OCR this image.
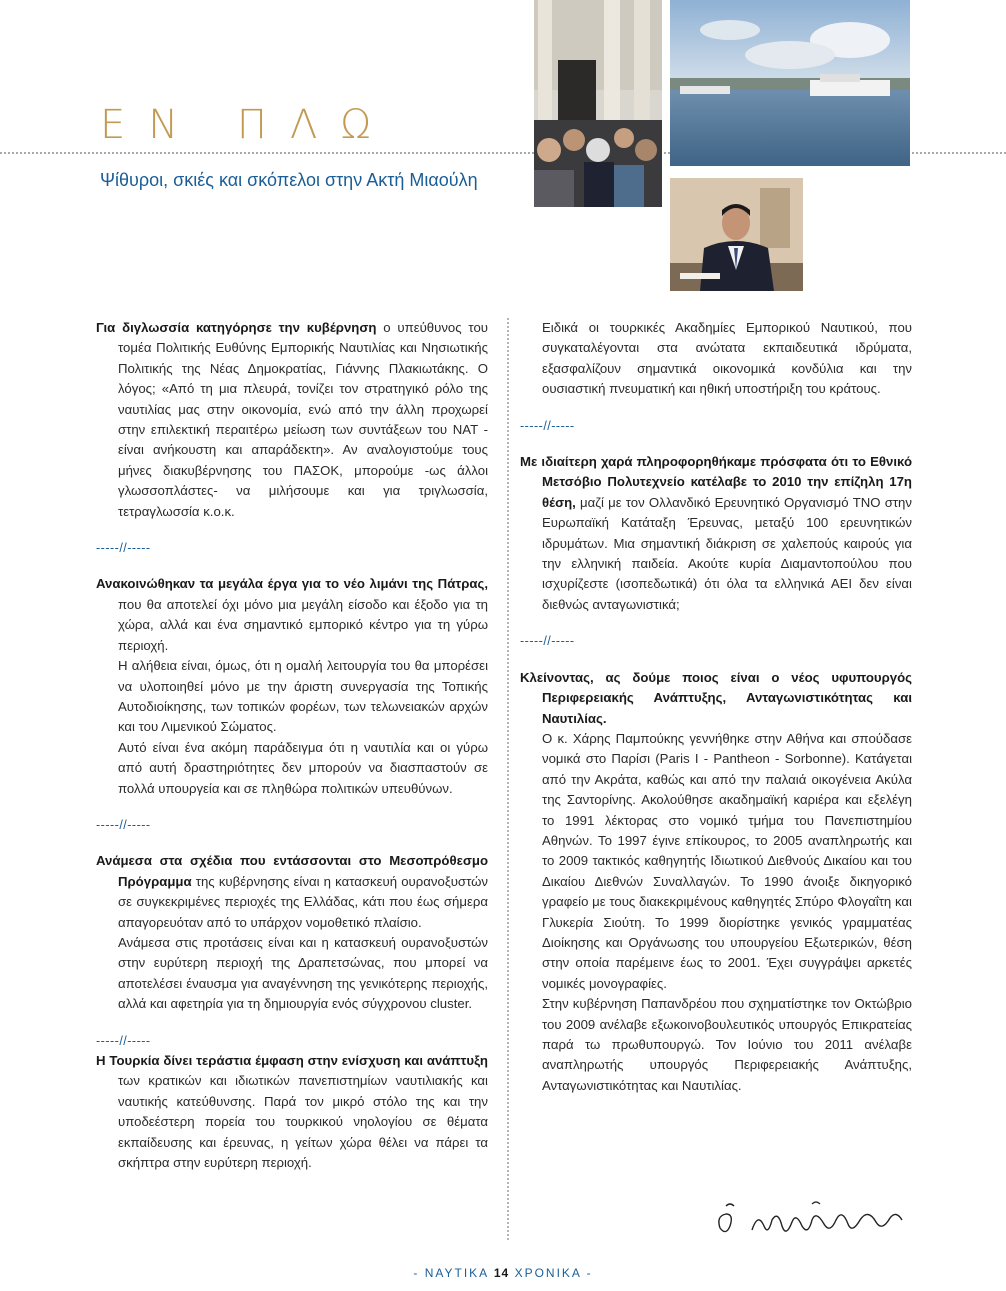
ΕΝ ΠΛΩ
Ψίθυροι, σκιές και σκόπελοι στην Ακτή Μιαούλη

Για διγλωσσία κατηγόρησε την κυβέρνηση ο υπεύθυνος του τομέα Πολιτικής Ευθύνης Εμπορικής Ναυτιλίας και Νησιωτικής Πολιτικής της Νέας Δημοκρατίας, Γιάννης Πλακιωτάκης. Ο λόγος; «Από τη μια πλευρά, τονίζει τον στρατηγικό ρόλο της ναυτιλίας μας στην οικονομία, ενώ από την άλλη προχωρεί στην επιλεκτική περαιτέρω μείωση των συντάξεων του ΝΑΤ - είναι ανήκουστη και απαράδεκτη». Αν αναλογιστούμε τους μήνες διακυβέρνησης του ΠΑΣΟΚ, μπορούμε -ως άλλοι γλωσσοπλάστες- να μιλήσουμε και για τριγλωσσία, τετραγλωσσία κ.ο.κ.

-----//-----

Ανακοινώθηκαν τα μεγάλα έργα για το νέο λιμάνι της Πάτρας, που θα αποτελεί όχι μόνο μια μεγάλη είσοδο και έξοδο για τη χώρα, αλλά και ένα σημαντικό εμπορικό κέντρο για τη γύρω περιοχή.

Η αλήθεια είναι, όμως, ότι η ομαλή λειτουργία του θα μπορέσει να υλοποιηθεί μόνο με την άριστη συνεργασία της Τοπικής Αυτοδιοίκησης, των τοπικών φορέων, των τελωνειακών αρχών και του Λιμενικού Σώματος.

Αυτό είναι ένα ακόμη παράδειγμα ότι η ναυτιλία και οι γύρω από αυτή δραστηριότητες δεν μπορούν να διασπαστούν σε πολλά υπουργεία και σε πληθώρα πολιτικών υπευθύνων.

-----//-----

Ανάμεσα στα σχέδια που εντάσσονται στο Μεσοπρόθεσμο Πρόγραμμα της κυβέρνησης είναι η κατασκευή ουρανοξυστών σε συγκεκριμένες περιοχές της Ελλάδας, κάτι που έως σήμερα απαγορευόταν από το υπάρχον νομοθετικό πλαίσιο.

Ανάμεσα στις προτάσεις είναι και η κατασκευή ουρανοξυστών στην ευρύτερη περιοχή της Δραπετσώνας, που μπορεί να αποτελέσει έναυσμα για αναγέννηση της γενικότερης περιοχής, αλλά και αφετηρία για τη δημιουργία ενός σύγχρονου cluster.

-----//-----

Η Τουρκία δίνει τεράστια έμφαση στην ενίσχυση και ανάπτυξη των κρατικών και ιδιωτικών πανεπιστημίων ναυτιλιακής και ναυτικής κατεύθυνσης. Παρά τον μικρό στόλο της και την υποδεέστερη πορεία του τουρκικού νηολογίου σε θέματα εκπαίδευσης και έρευνας, η γείτων χώρα θέλει να πάρει τα σκήπτρα στην ευρύτερη περιοχή.

Ειδικά οι τουρκικές Ακαδημίες Εμπορικού Ναυτικού, που συγκαταλέγονται στα ανώτατα εκπαιδευτικά ιδρύματα, εξασφαλίζουν σημαντικά οικονομικά κονδύλια και την ουσιαστική πνευματική και ηθική υποστήριξη του κράτους.

-----//-----

Με ιδιαίτερη χαρά πληροφορηθήκαμε πρόσφατα ότι το Εθνικό Μετσόβιο Πολυτεχνείο κατέλαβε το 2010 την επίζηλη 17η θέση, μαζί με τον Ολλανδικό Ερευνητικό Οργανισμό TNO στην Ευρωπαϊκή Κατάταξη Έρευνας, μεταξύ 100 ερευνητικών ιδρυμάτων. Μια σημαντική διάκριση σε χαλεπούς καιρούς για την ελληνική παιδεία. Ακούτε κυρία Διαμαντοπούλου που ισχυρίζεστε (ισοπεδωτικά) ότι όλα τα ελληνικά ΑΕΙ δεν είναι διεθνώς ανταγωνιστικά;

-----//-----

Κλείνοντας, ας δούμε ποιος είναι ο νέος υφυπουργός Περιφερειακής Ανάπτυξης, Ανταγωνιστικότητας και Ναυτιλίας.

Ο κ. Χάρης Παμπούκης γεννήθηκε στην Αθήνα και σπούδασε νομικά στο Παρίσι (Paris I - Pantheon - Sorbonne). Κατάγεται από την Ακράτα, καθώς και από την παλαιά οικογένεια Ακύλα της Σαντορίνης. Ακολούθησε ακαδημαϊκή καριέρα και εξελέγη το 1991 λέκτορας στο νομικό τμήμα του Πανεπιστημίου Αθηνών. Το 1997 έγινε επίκουρος, το 2005 αναπληρωτής και το 2009 τακτικός καθηγητής Ιδιωτικού Διεθνούς Δικαίου και του Δικαίου Διεθνών Συναλλαγών. Το 1990 άνοιξε δικηγορικό γραφείο με τους διακεκριμένους καθηγητές Σπύρο Φλογαΐτη και Γλυκερία Σιούτη. Το 1999 διορίστηκε γενικός γραμματέας Διοίκησης και Οργάνωσης του υπουργείου Εξωτερικών, θέση στην οποία παρέμεινε έως το 2001. Έχει συγγράψει αρκετές νομικές μονογραφίες.

Στην κυβέρνηση Παπανδρέου που σχηματίστηκε τον Οκτώβριο του 2009 ανέλαβε εξωκοινοβουλευτικός υπουργός Επικρατείας παρά τω πρωθυπουργώ. Τον Ιούνιο του 2011 ανέλαβε αναπληρωτής υπουργός Περιφερειακής Ανάπτυξης, Ανταγωνιστικότητας και Ναυτιλίας.

- ΝΑΥΤΙΚΑ 14 ΧΡΟΝΙΚΑ -
